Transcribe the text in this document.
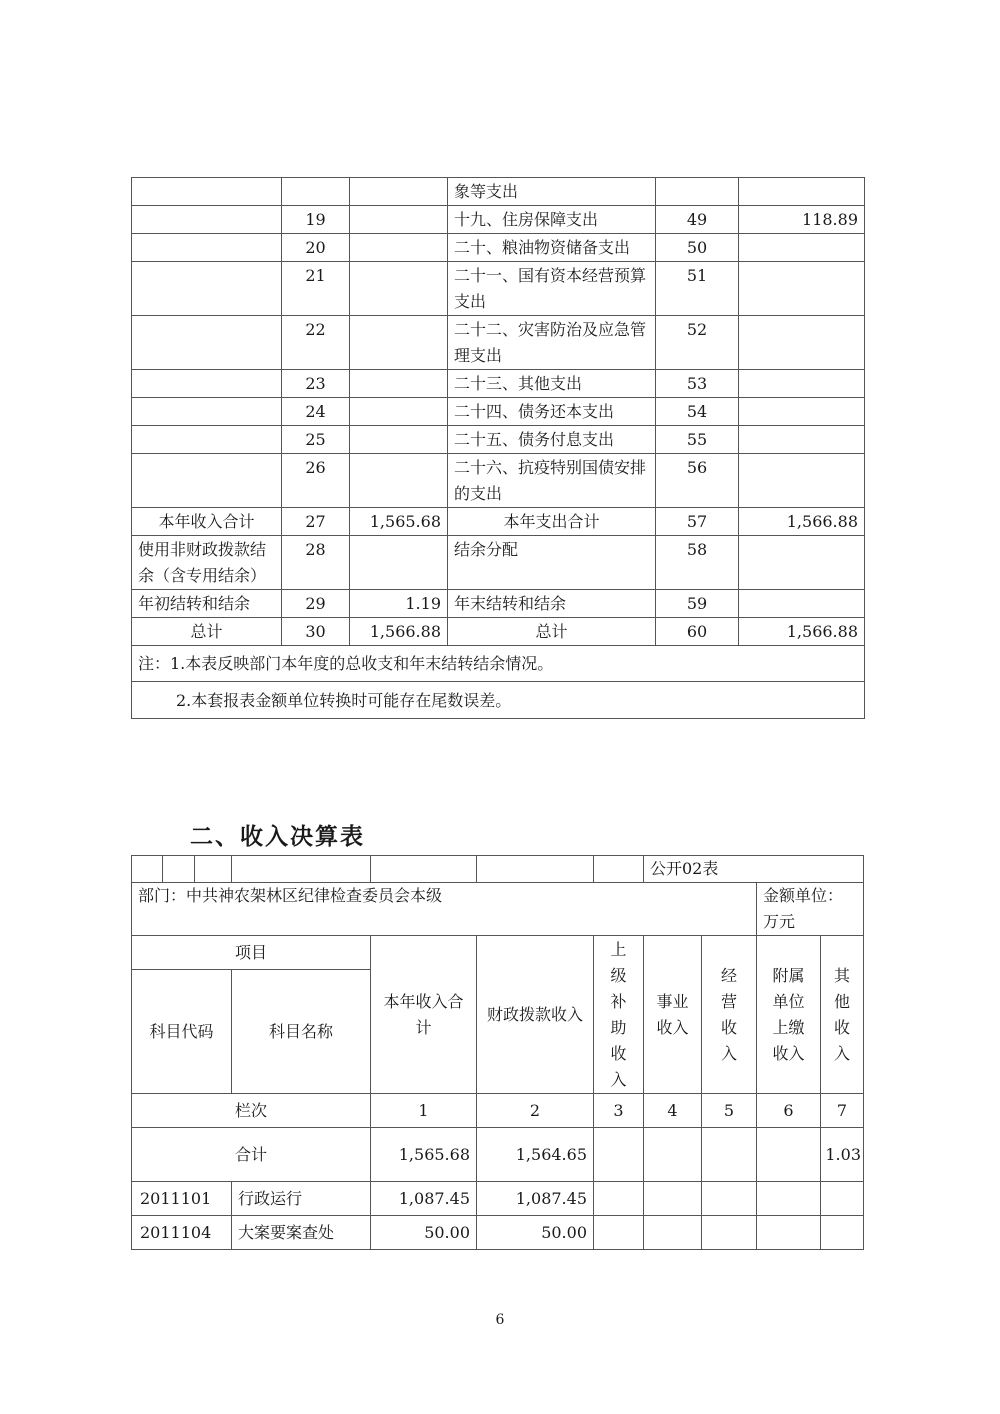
			象等支出		
	19		十九、住房保障支出	49	118.89
	20		二十、粮油物资储备支出	50	
	21		二十一、国有资本经营预算支出	51	
	22		二十二、灾害防治及应急管理支出	52	
	23		二十三、其他支出	53	
	24		二十四、债务还本支出	54	
	25		二十五、债务付息支出	55	
	26		二十六、抗疫特别国债安排的支出	56	
本年收入合计	27	1,565.68	本年支出合计	57	1,566.88
使用非财政拨款结余（含专用结余）	28		结余分配	58	
年初结转和结余	29	1.19	年末结转和结余	59	
总计	30	1,566.88	总计	60	1,566.88
注：1.本表反映部门本年度的总收支和年末结转结余情况。					
2.本套报表金额单位转换时可能存在尾数误差。					
二、收入决算表
							公开02表			
部门：中共神农架林区纪律检查委员会本级									金额单位：万元	
项目				本年收入合计	财政拨款收入	上级补助收入	事业收入	经营收入	附属单位上缴收入	其他收入
科目代码			科目名称							
栏次				1	2	3	4	5	6	7
合计				1,565.68	1,564.65					1.03
2011101			行政运行	1,087.45	1,087.45					
2011104			大案要案查处	50.00	50.00					
6
